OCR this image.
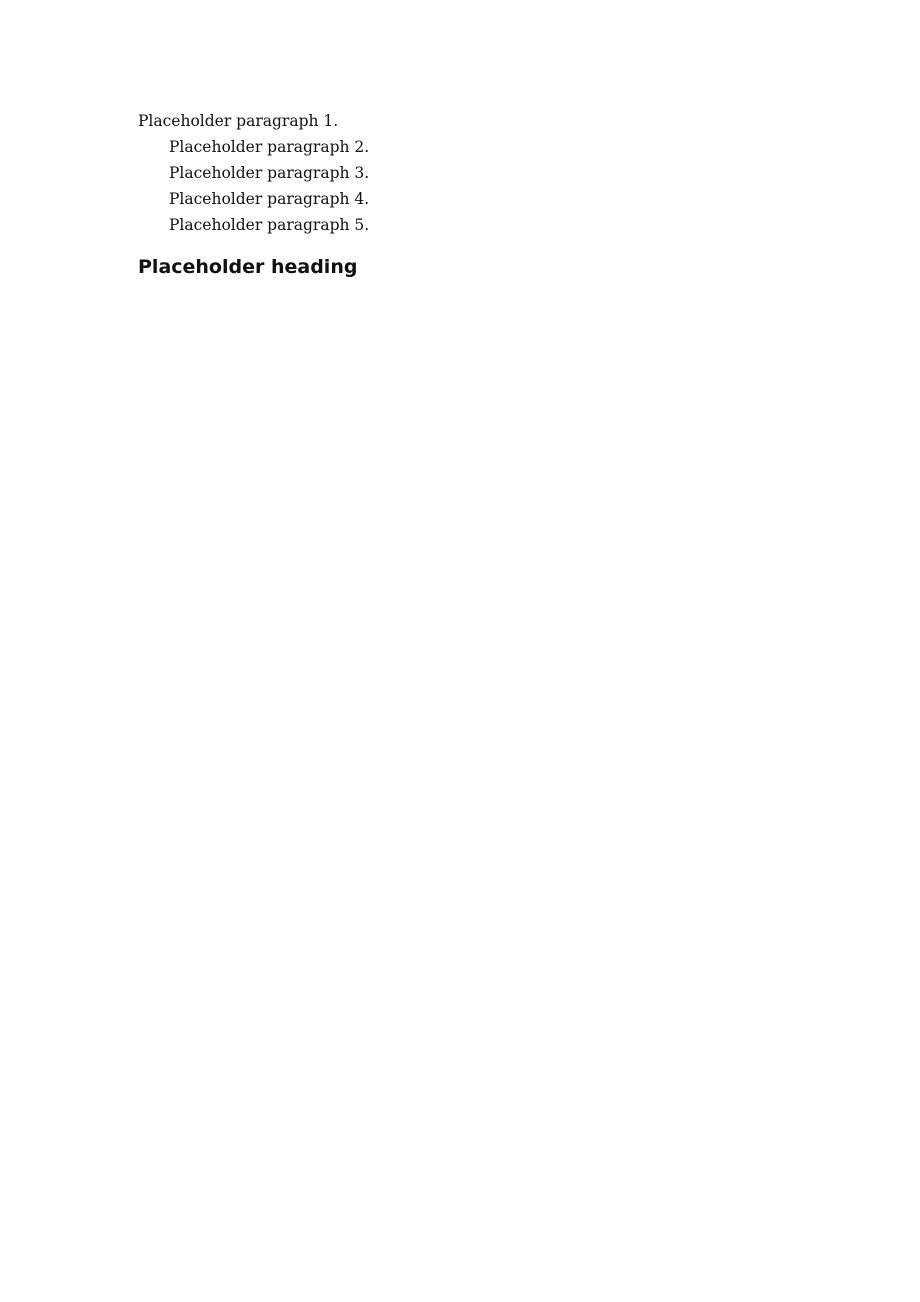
Placeholder paragraph 1.

Placeholder paragraph 2.

Placeholder paragraph 3.

Placeholder paragraph 4.

Placeholder paragraph 5.

Placeholder heading
